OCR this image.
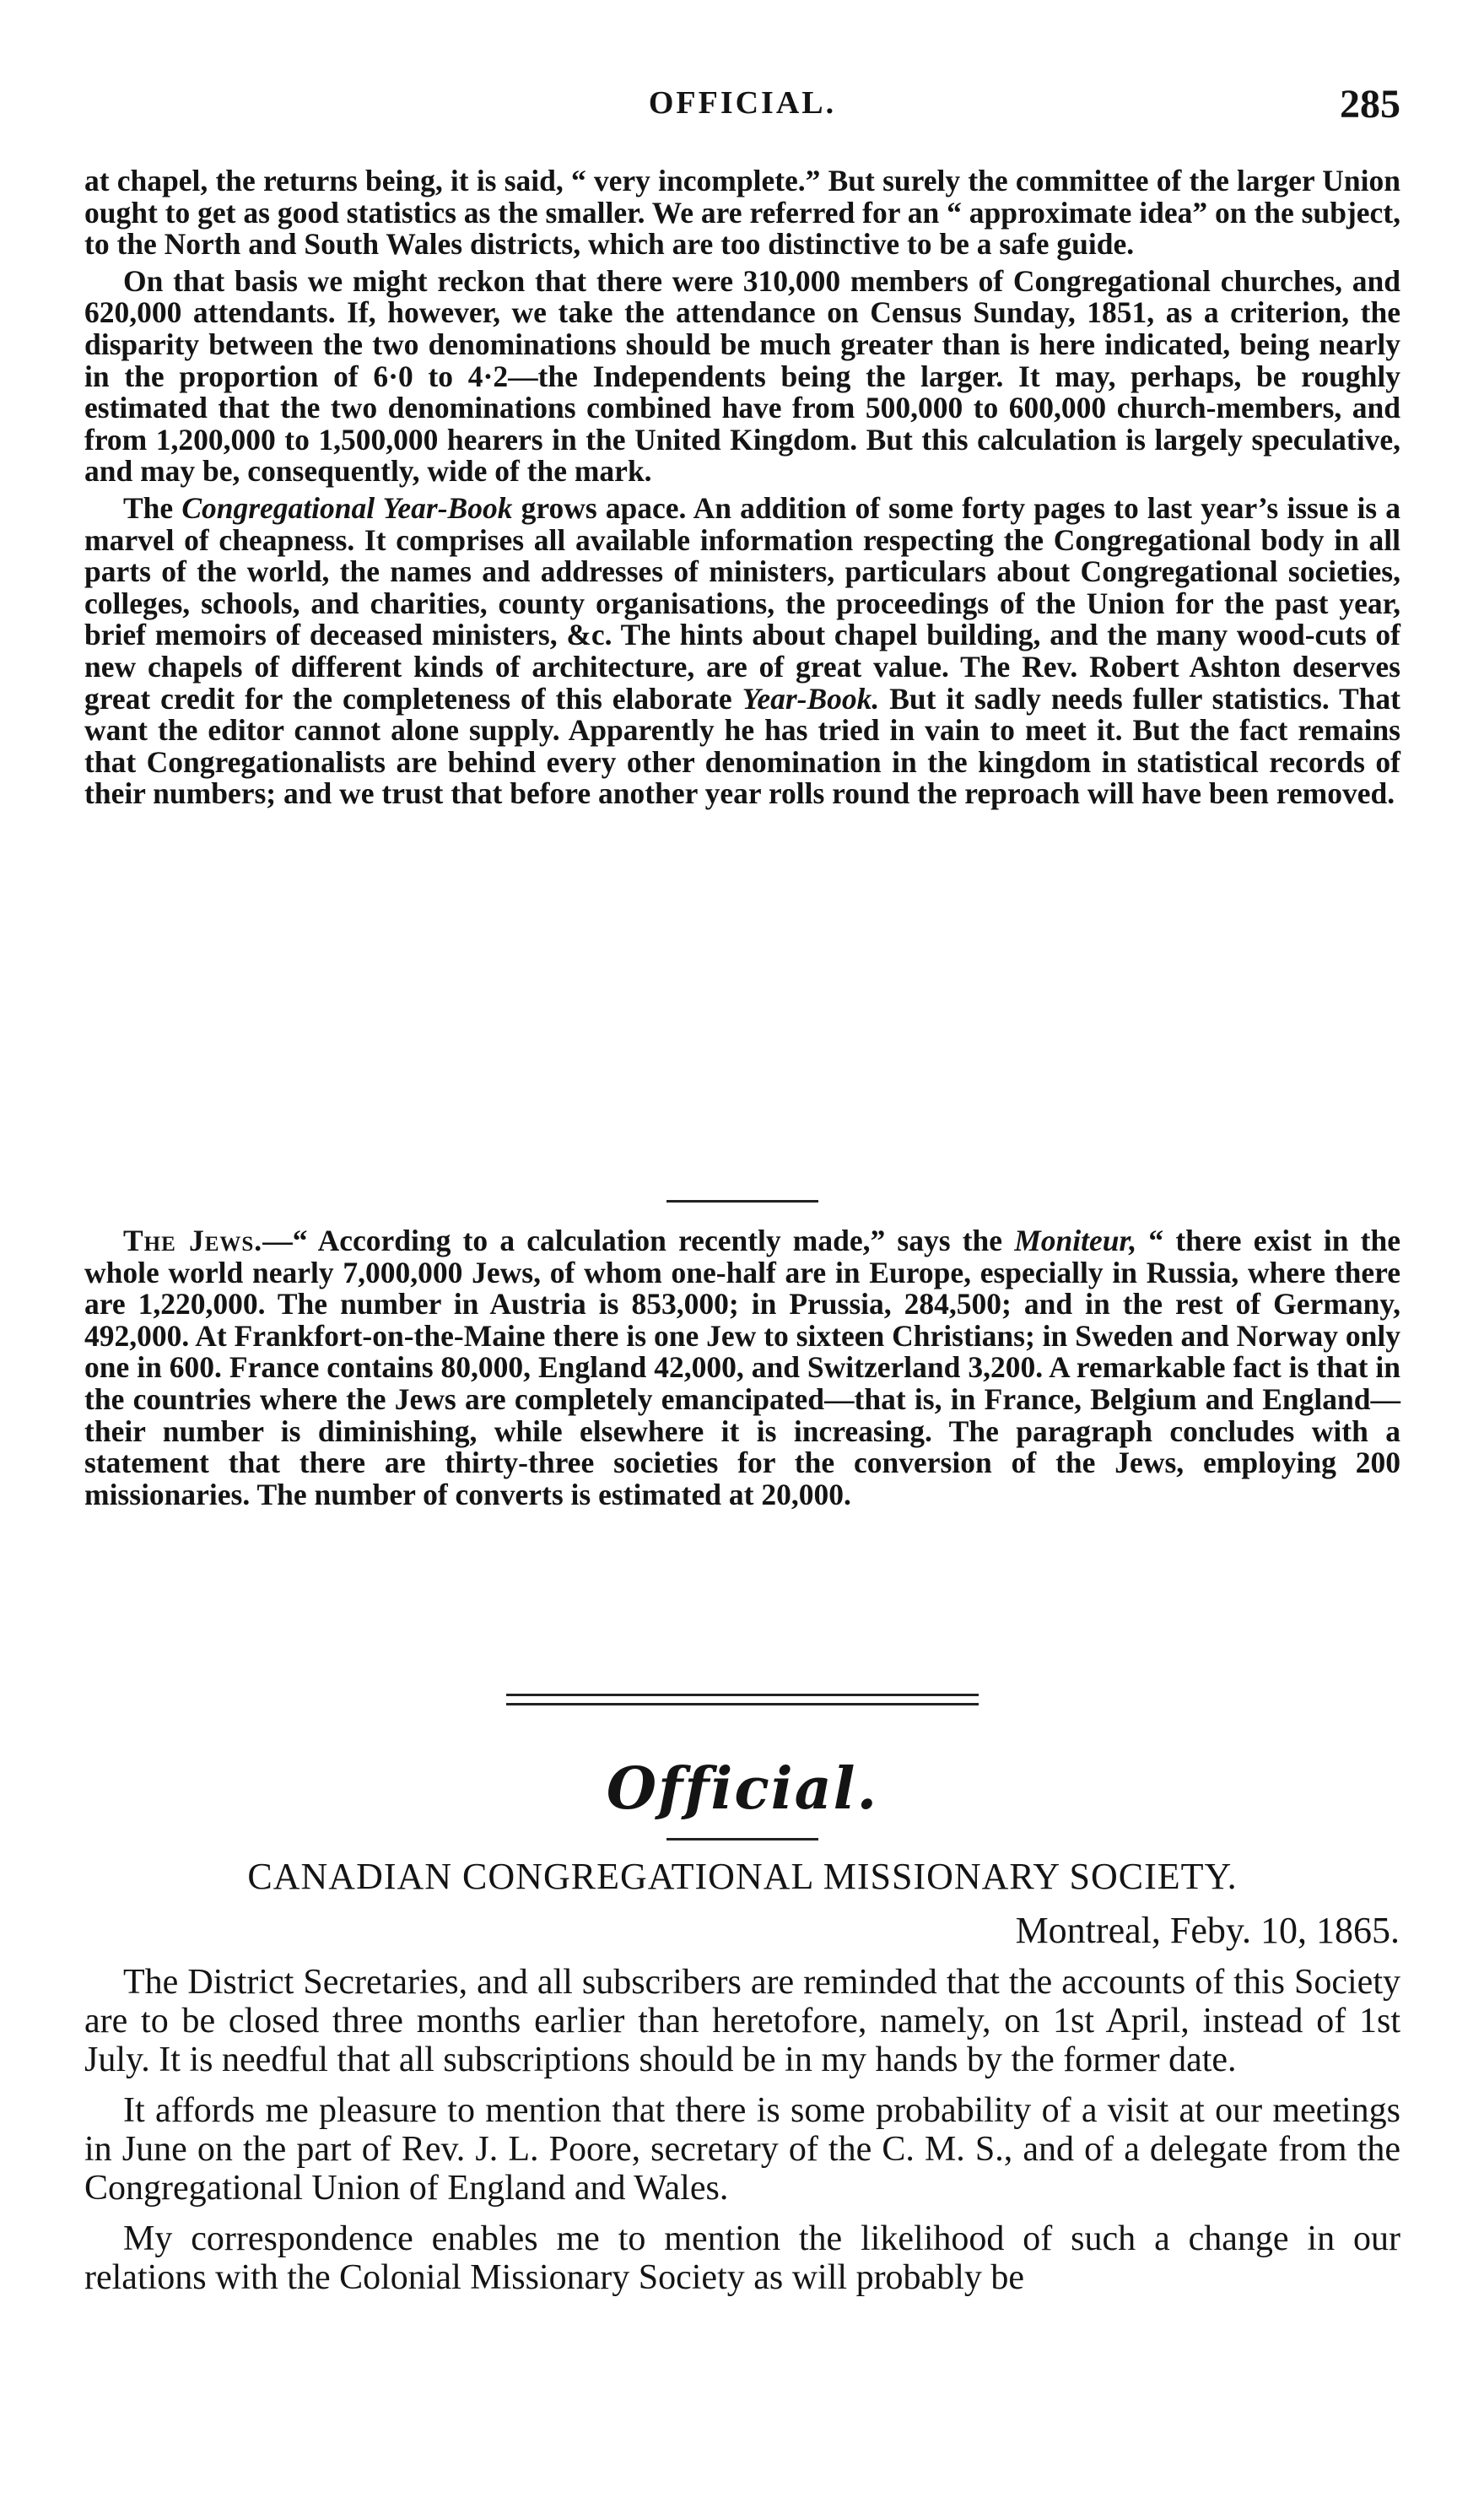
OFFICIAL.	285

at chapel, the returns being, it is said, “ very incomplete.” But surely the committee of the larger Union ought to get as good statistics as the smaller. We are referred for an “ approximate idea” on the subject, to the North and South Wales districts, which are too distinctive to be a safe guide.

On that basis we might reckon that there were 310,000 members of Congregational churches, and 620,000 attendants. If, however, we take the attendance on Census Sunday, 1851, as a criterion, the disparity between the two denominations should be much greater than is here indicated, being nearly in the proportion of 6·0 to 4·2—the Independents being the larger. It may, perhaps, be roughly estimated that the two denominations combined have from 500,000 to 600,000 church-members, and from 1,200,000 to 1,500,000 hearers in the United Kingdom. But this calculation is largely speculative, and may be, consequently, wide of the mark.

The Congregational Year-Book grows apace. An addition of some forty pages to last year’s issue is a marvel of cheapness. It comprises all available information respecting the Congregational body in all parts of the world, the names and addresses of ministers, particulars about Congregational societies, colleges, schools, and charities, county organisations, the proceedings of the Union for the past year, brief memoirs of deceased ministers, &c. The hints about chapel building, and the many wood-cuts of new chapels of different kinds of architecture, are of great value. The Rev. Robert Ashton deserves great credit for the completeness of this elaborate Year-Book. But it sadly needs fuller statistics. That want the editor cannot alone supply. Apparently he has tried in vain to meet it. But the fact remains that Congregationalists are behind every other denomination in the kingdom in statistical records of their numbers; and we trust that before another year rolls round the reproach will have been removed.

The Jews.—“ According to a calculation recently made,” says the Moniteur, “ there exist in the whole world nearly 7,000,000 Jews, of whom one-half are in Europe, especially in Russia, where there are 1,220,000. The number in Austria is 853,000; in Prussia, 284,500; and in the rest of Germany, 492,000. At Frankfort-on-the-Maine there is one Jew to sixteen Christians; in Sweden and Norway only one in 600. France contains 80,000, England 42,000, and Switzerland 3,200. A remarkable fact is that in the countries where the Jews are completely emancipated—that is, in France, Belgium and England—their number is diminishing, while elsewhere it is increasing. The paragraph concludes with a statement that there are thirty-three societies for the conversion of the Jews, employing 200 missionaries. The number of converts is estimated at 20,000.

Official.
CANADIAN CONGREGATIONAL MISSIONARY SOCIETY.
Montreal, Feby. 10, 1865.

The District Secretaries, and all subscribers are reminded that the accounts of this Society are to be closed three months earlier than heretofore, namely, on 1st April, instead of 1st July. It is needful that all subscriptions should be in my hands by the former date.

It affords me pleasure to mention that there is some probability of a visit at our meetings in June on the part of Rev. J. L. Poore, secretary of the C. M. S., and of a delegate from the Congregational Union of England and Wales.

My correspondence enables me to mention the likelihood of such a change in our relations with the Colonial Missionary Society as will probably be
